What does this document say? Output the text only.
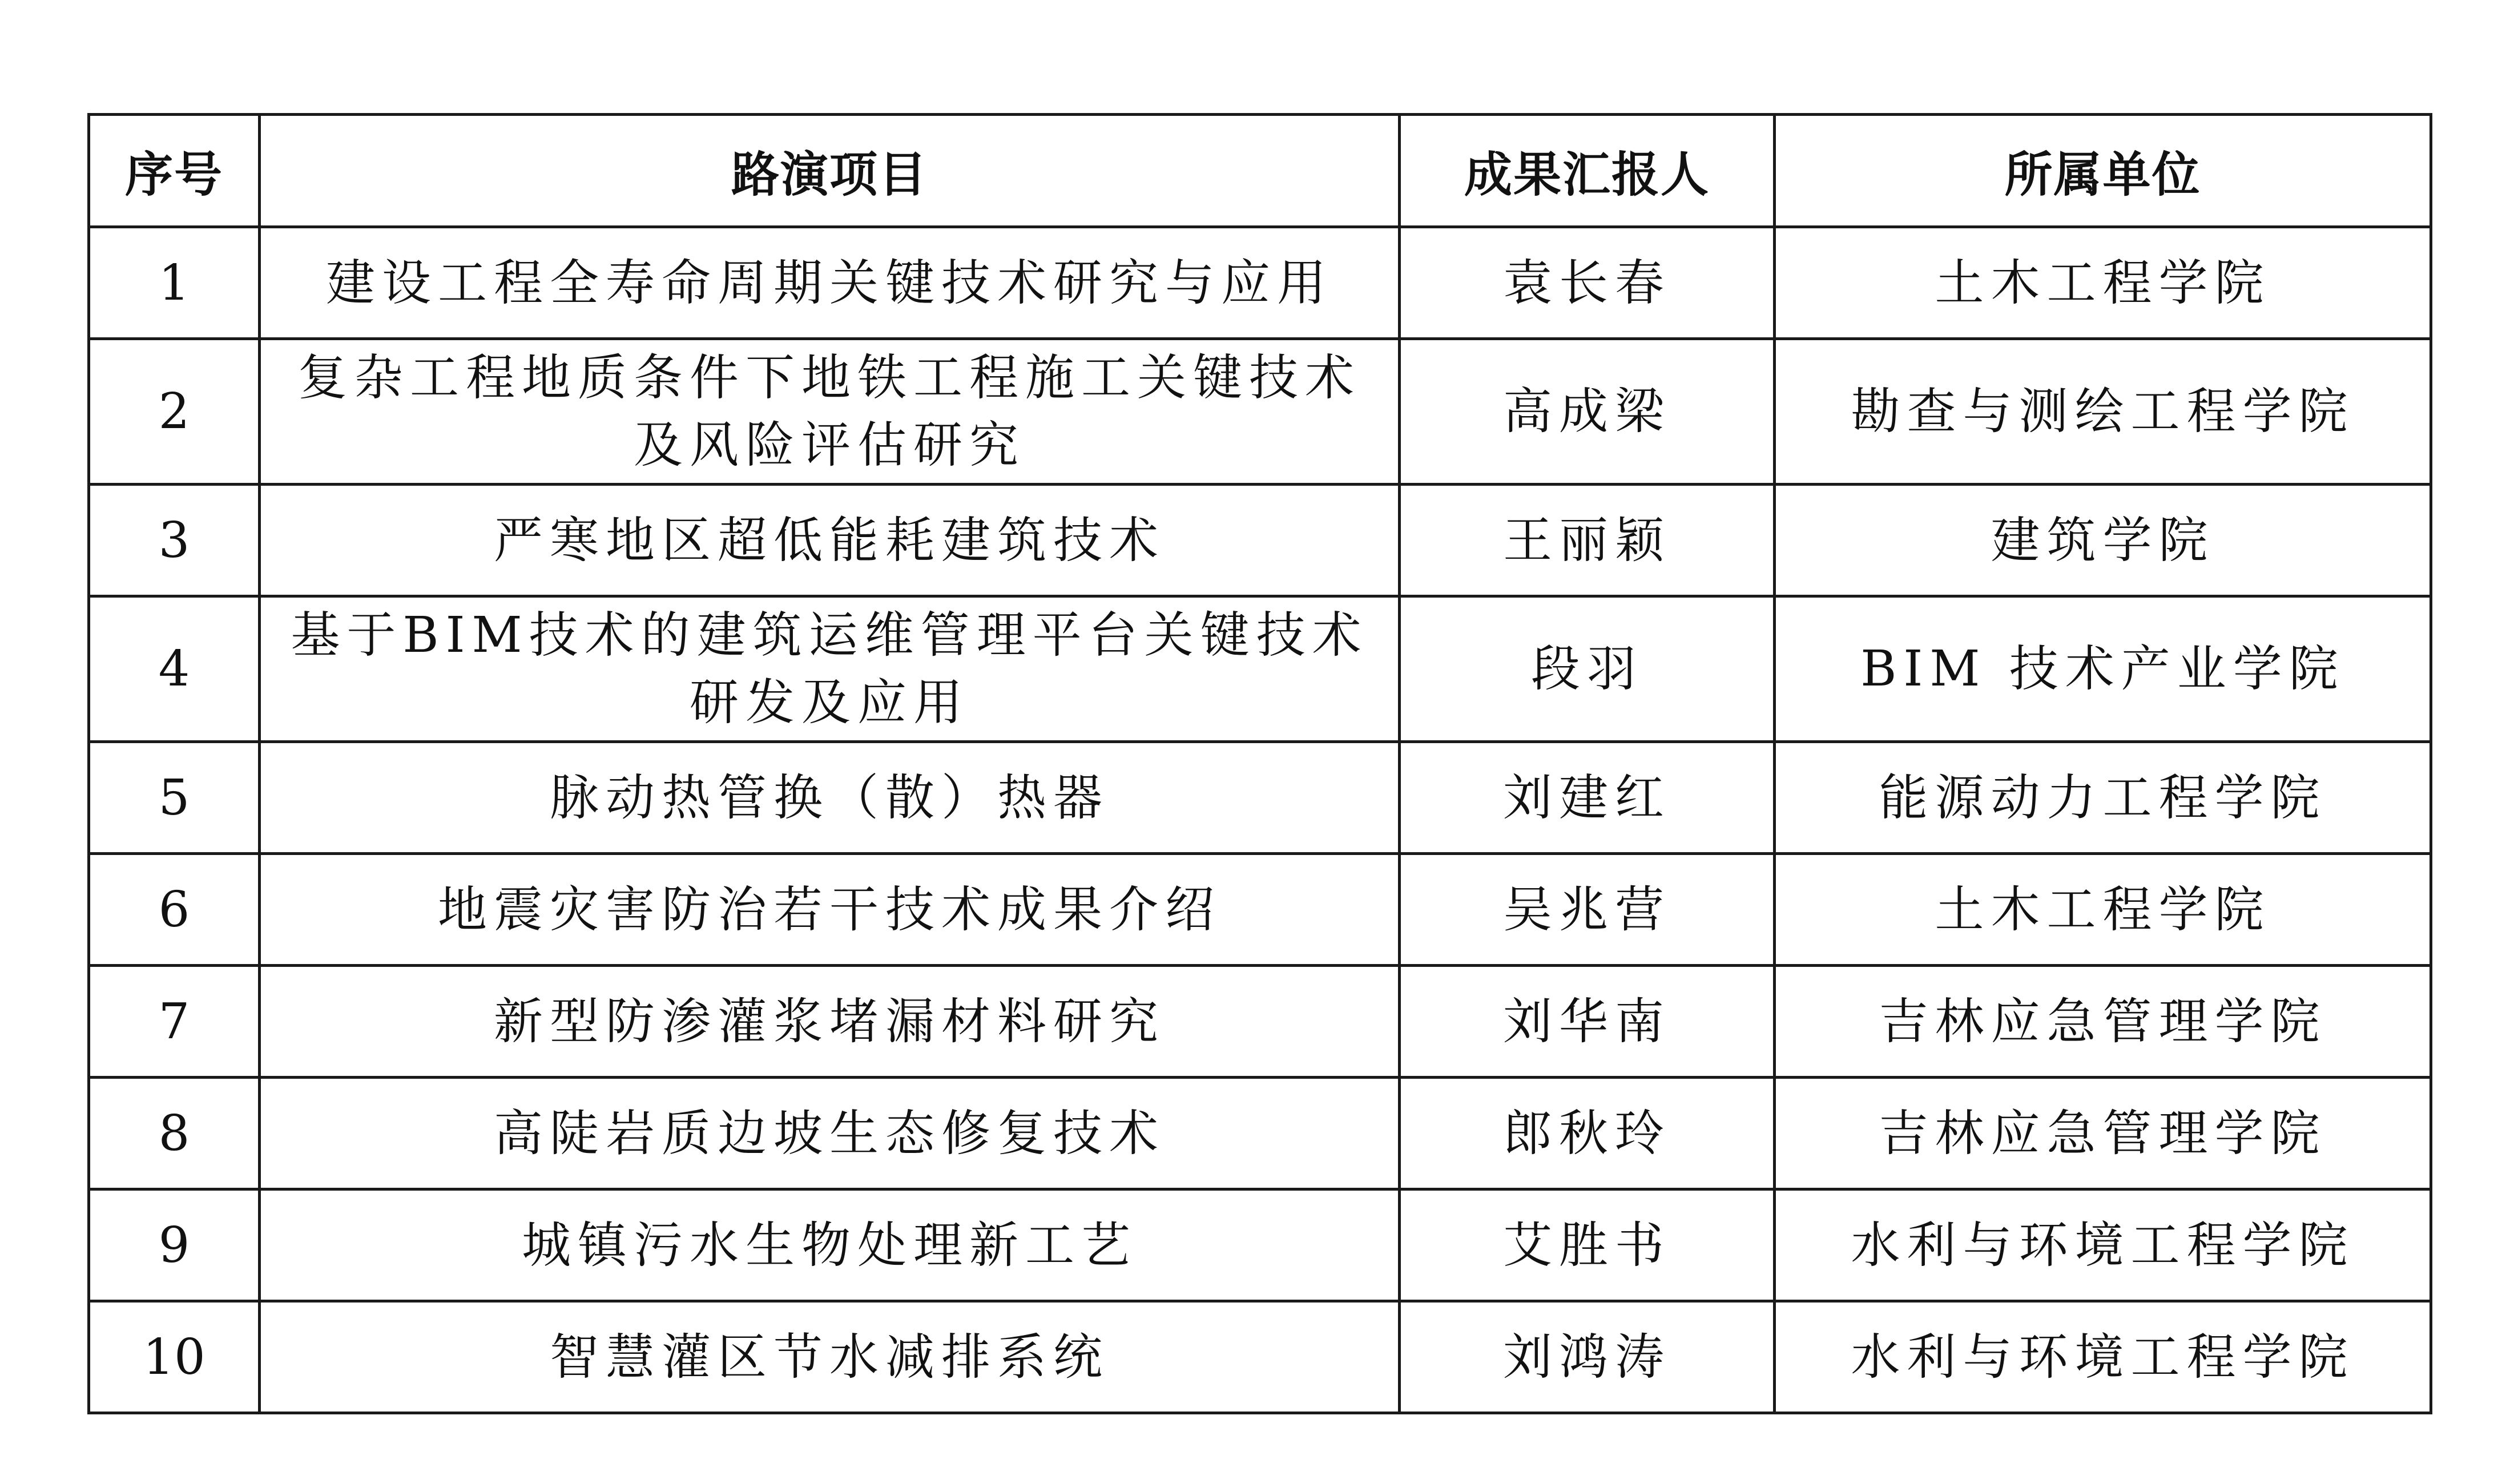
序号	路演项目	成果汇报人	所属单位
1	建设工程全寿命周期关键技术研究与应用	袁长春	土木工程学院
2	复杂工程地质条件下地铁工程施工关键技术及风险评估研究	高成梁	勘查与测绘工程学院
3	严寒地区超低能耗建筑技术	王丽颖	建筑学院
4	基于BIM技术的建筑运维管理平台关键技术研发及应用	段羽	BIM 技术产业学院
5	脉动热管换（散）热器	刘建红	能源动力工程学院
6	地震灾害防治若干技术成果介绍	吴兆营	土木工程学院
7	新型防渗灌浆堵漏材料研究	刘华南	吉林应急管理学院
8	高陡岩质边坡生态修复技术	郎秋玲	吉林应急管理学院
9	城镇污水生物处理新工艺	艾胜书	水利与环境工程学院
10	智慧灌区节水减排系统	刘鸿涛	水利与环境工程学院
